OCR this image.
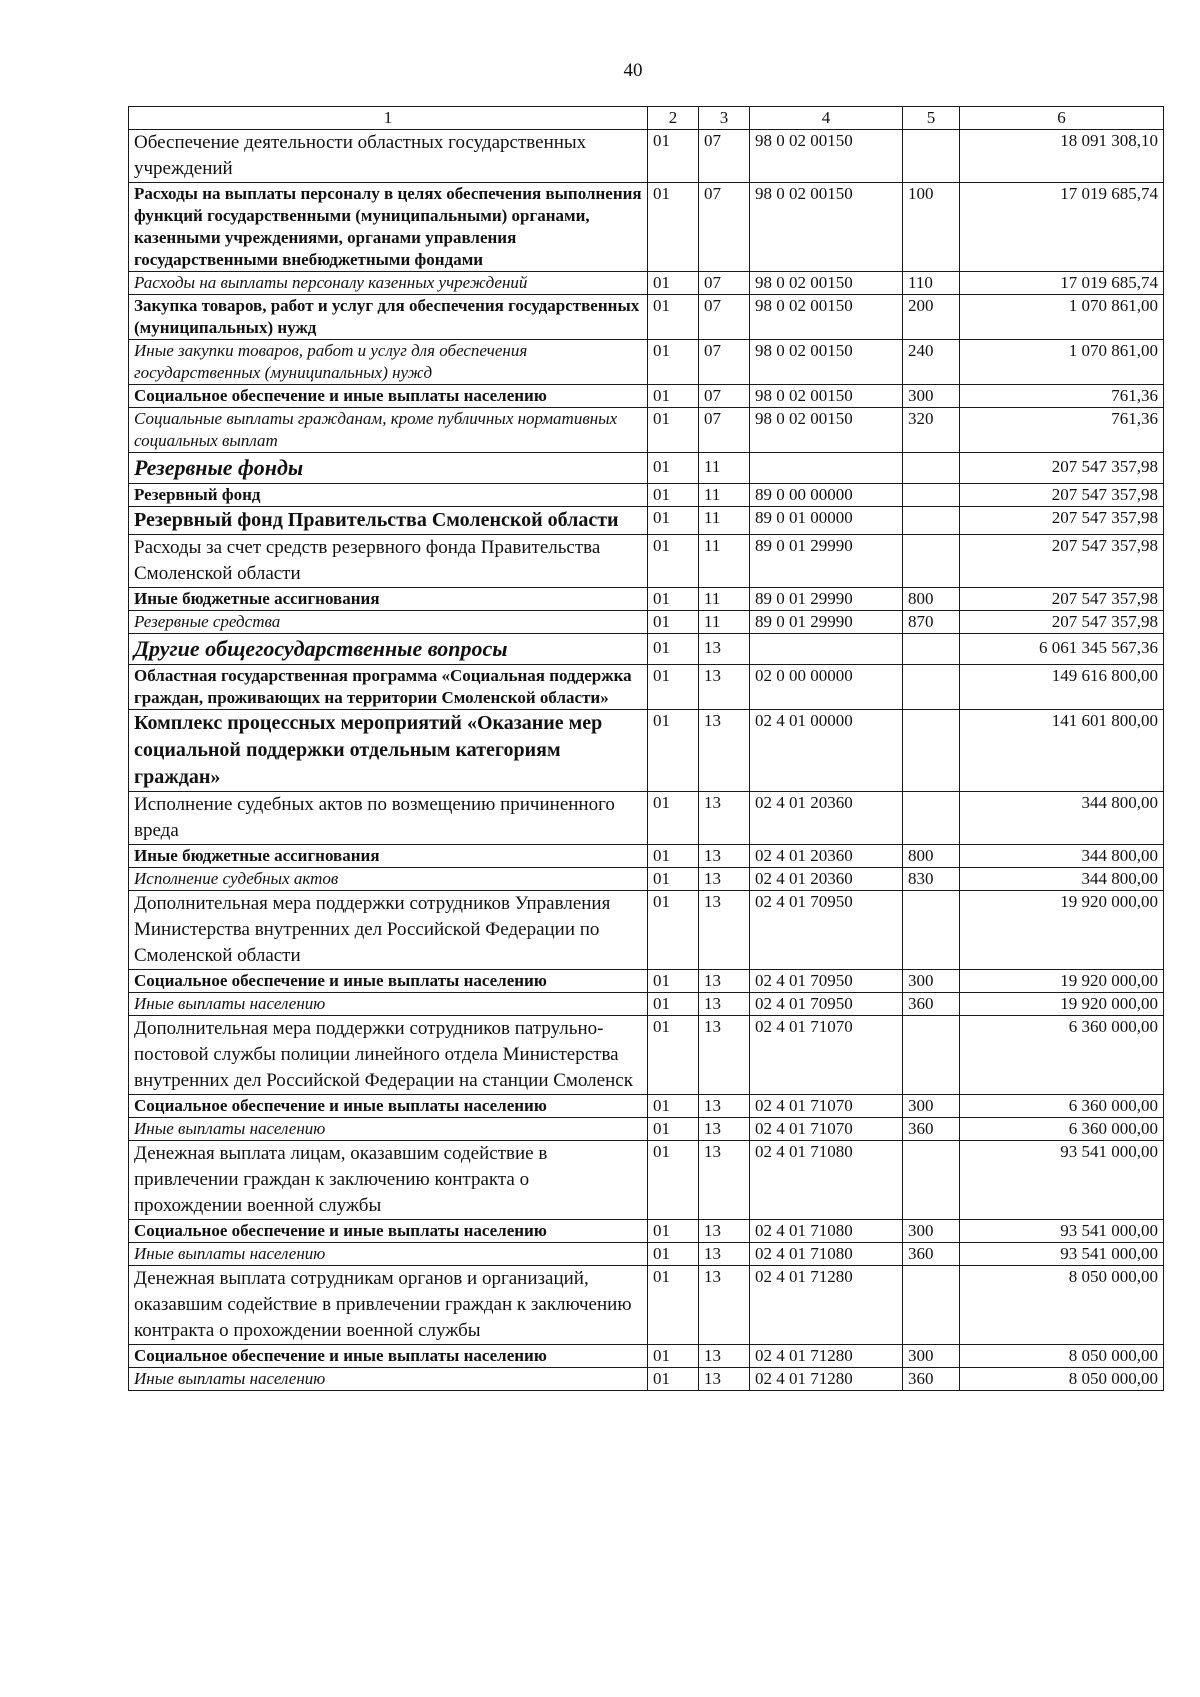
40
1	2	3	4	5	6
Обеспечение деятельности областных государственных учреждений	01	07	98 0 02 00150		18 091 308,10
Расходы на выплаты персоналу в целях обеспечения выполнения функций государственными (муниципальными) органами, казенными учреждениями, органами управления государственными внебюджетными фондами	01	07	98 0 02 00150	100	17 019 685,74
Расходы на выплаты персоналу казенных учреждений	01	07	98 0 02 00150	110	17 019 685,74
Закупка товаров, работ и услуг для обеспечения государственных (муниципальных) нужд	01	07	98 0 02 00150	200	1 070 861,00
Иные закупки товаров, работ и услуг для обеспечения государственных (муниципальных) нужд	01	07	98 0 02 00150	240	1 070 861,00
Социальное обеспечение и иные выплаты населению	01	07	98 0 02 00150	300	761,36
Социальные выплаты гражданам, кроме публичных нормативных социальных выплат	01	07	98 0 02 00150	320	761,36
Резервные фонды	01	11			207 547 357,98
Резервный фонд	01	11	89 0 00 00000		207 547 357,98
Резервный фонд Правительства Смоленской области	01	11	89 0 01 00000		207 547 357,98
Расходы за счет средств резервного фонда Правительства Смоленской области	01	11	89 0 01 29990		207 547 357,98
Иные бюджетные ассигнования	01	11	89 0 01 29990	800	207 547 357,98
Резервные средства	01	11	89 0 01 29990	870	207 547 357,98
Другие общегосударственные вопросы	01	13			6 061 345 567,36
Областная государственная программа «Социальная поддержка граждан, проживающих на территории Смоленской области»	01	13	02 0 00 00000		149 616 800,00
Комплекс процессных мероприятий «Оказание мер социальной поддержки отдельным категориям граждан»	01	13	02 4 01 00000		141 601 800,00
Исполнение судебных актов по возмещению причиненного вреда	01	13	02 4 01 20360		344 800,00
Иные бюджетные ассигнования	01	13	02 4 01 20360	800	344 800,00
Исполнение судебных актов	01	13	02 4 01 20360	830	344 800,00
Дополнительная мера поддержки сотрудников Управления Министерства внутренних дел Российской Федерации по Смоленской области	01	13	02 4 01 70950		19 920 000,00
Социальное обеспечение и иные выплаты населению	01	13	02 4 01 70950	300	19 920 000,00
Иные выплаты населению	01	13	02 4 01 70950	360	19 920 000,00
Дополнительная мера поддержки сотрудников патрульно-постовой службы полиции линейного отдела Министерства внутренних дел Российской Федерации на станции Смоленск	01	13	02 4 01 71070		6 360 000,00
Социальное обеспечение и иные выплаты населению	01	13	02 4 01 71070	300	6 360 000,00
Иные выплаты населению	01	13	02 4 01 71070	360	6 360 000,00
Денежная выплата лицам, оказавшим содействие в привлечении граждан к заключению контракта о прохождении военной службы	01	13	02 4 01 71080		93 541 000,00
Социальное обеспечение и иные выплаты населению	01	13	02 4 01 71080	300	93 541 000,00
Иные выплаты населению	01	13	02 4 01 71080	360	93 541 000,00
Денежная выплата сотрудникам органов и организаций, оказавшим содействие в привлечении граждан к заключению контракта о прохождении военной службы	01	13	02 4 01 71280		8 050 000,00
Социальное обеспечение и иные выплаты населению	01	13	02 4 01 71280	300	8 050 000,00
Иные выплаты населению	01	13	02 4 01 71280	360	8 050 000,00
